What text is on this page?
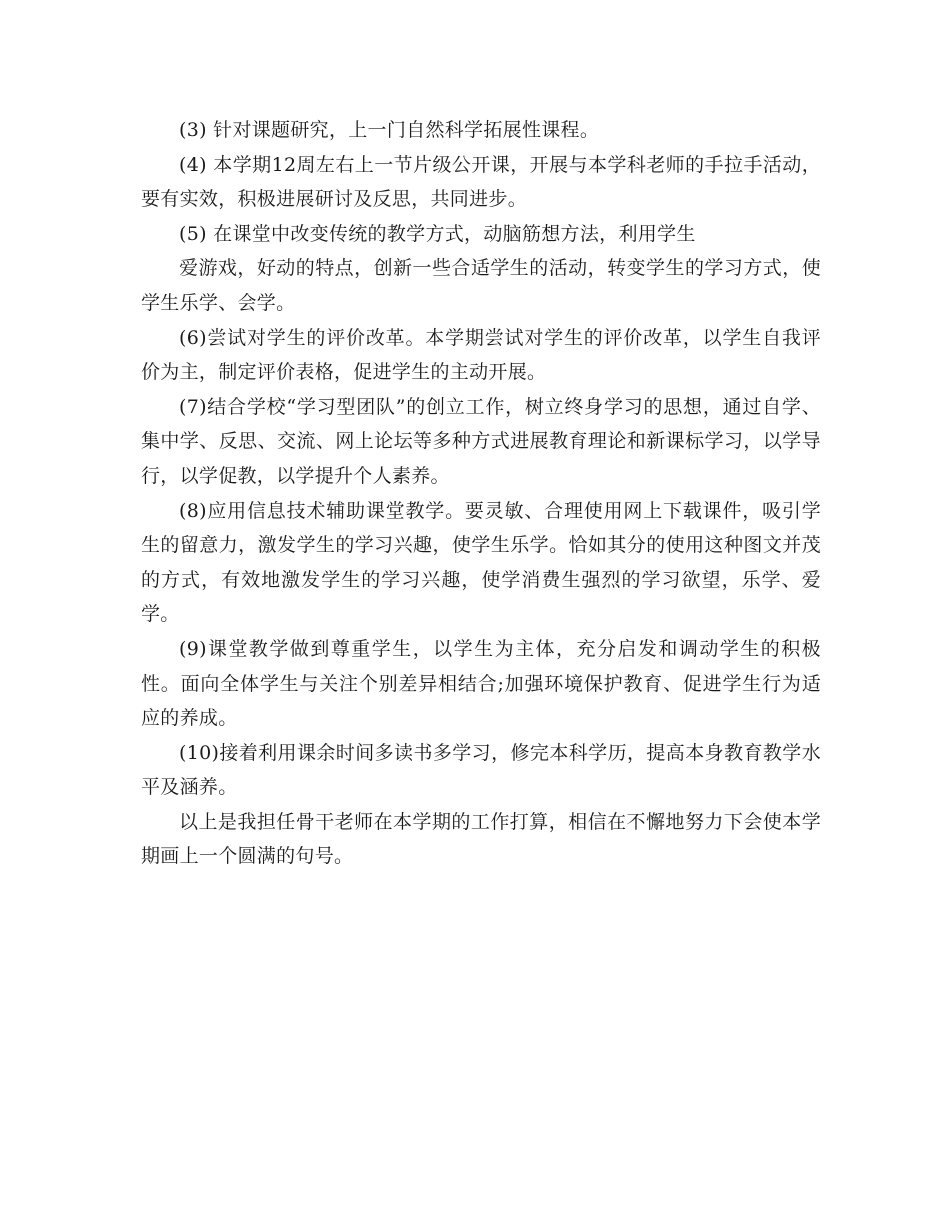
(3) 针对课题研究，上一门自然科学拓展性课程。

(4) 本学期12周左右上一节片级公开课，开展与本学科老师的手拉手活动，要有实效，积极进展研讨及反思，共同进步。

(5) 在课堂中改变传统的教学方式，动脑筋想方法，利用学生

爱游戏，好动的特点，创新一些合适学生的活动，转变学生的学习方式，使学生乐学、会学。

(6)尝试对学生的评价改革。本学期尝试对学生的评价改革，以学生自我评价为主，制定评价表格，促进学生的主动开展。

(7)结合学校“学习型团队”的创立工作，树立终身学习的思想，通过自学、集中学、反思、交流、网上论坛等多种方式进展教育理论和新课标学习，以学导行，以学促教，以学提升个人素养。

(8)应用信息技术辅助课堂教学。要灵敏、合理使用网上下载课件，吸引学生的留意力，激发学生的学习兴趣，使学生乐学。恰如其分的使用这种图文并茂的方式，有效地激发学生的学习兴趣，使学消费生强烈的学习欲望，乐学、爱学。

(9)课堂教学做到尊重学生，以学生为主体，充分启发和调动学生的积极性。面向全体学生与关注个别差异相结合;加强环境保护教育、促进学生行为适应的养成。

(10)接着利用课余时间多读书多学习，修完本科学历，提高本身教育教学水平及涵养。

以上是我担任骨干老师在本学期的工作打算，相信在不懈地努力下会使本学期画上一个圆满的句号。
